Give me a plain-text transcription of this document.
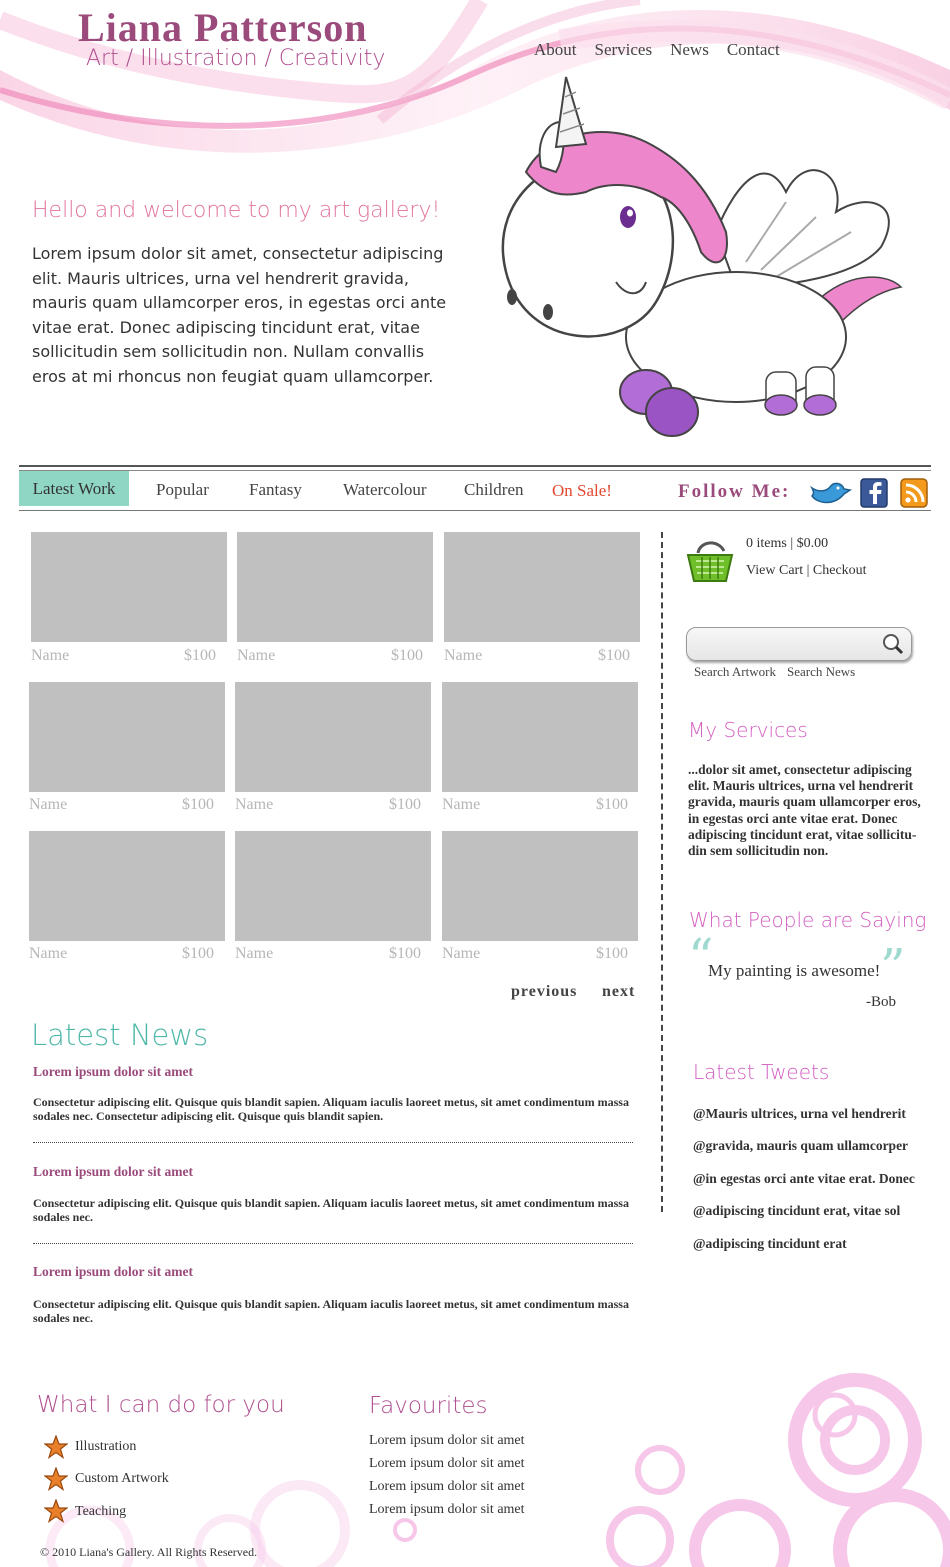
Liana Patterson
Art / Illustration / Creativity	About Services News Contact
Hello and welcome to my art gallery!

Lorem ipsum dolor sit amet, consectetur adipiscing elit. Mauris ultrices, urna vel hendrerit gravida, mauris quam ullamcorper eros, in egestas orci ante vitae erat. Donec adipiscing tincidunt erat, vitae sollicitudin sem sollicitudin non. Nullam convallis eros at mi rhoncus non feugiat quam ullamcorper.

Latest Work	Popular Fantasy Watercolour Children On Sale!	Follow Me:
Name	$100 Name	$100 Name	$100
Name	$100 Name	$100 Name	$100
Name	$100 Name	$100 Name	$100
previous next
0 items | $0.00
View Cart | Checkout
Search Artwork Search News
My Services

...dolor sit amet, consectetur adipiscing elit. Mauris ultrices, urna vel hendrerit gravida, mauris quam ullamcorper eros, in egestas orci ante vitae erat. Donec adipiscing tincidunt erat, vitae sollicitu-din sem sollicitudin non.

What People are Saying
“	”
My painting is awesome!
-Bob
Latest Tweets
@Mauris ultrices, urna vel hendrerit
@gravida, mauris quam ullamcorper
@in egestas orci ante vitae erat. Donec
@adipiscing tincidunt erat, vitae sol
@adipiscing tincidunt erat
Latest News
Lorem ipsum dolor sit amet

Consectetur adipiscing elit. Quisque quis blandit sapien. Aliquam iaculis laoreet metus, sit amet condimentum massa sodales nec. Consectetur adipiscing elit. Quisque quis blandit sapien.

Lorem ipsum dolor sit amet

Consectetur adipiscing elit. Quisque quis blandit sapien. Aliquam iaculis laoreet metus, sit amet condimentum massa sodales nec.

Lorem ipsum dolor sit amet

Consectetur adipiscing elit. Quisque quis blandit sapien. Aliquam iaculis laoreet metus, sit amet condimentum massa sodales nec.

What I can do for you
Illustration
Custom Artwork
Teaching
Favourites
Lorem ipsum dolor sit amet
Lorem ipsum dolor sit amet
Lorem ipsum dolor sit amet
Lorem ipsum dolor sit amet
© 2010 Liana's Gallery. All Rights Reserved.
